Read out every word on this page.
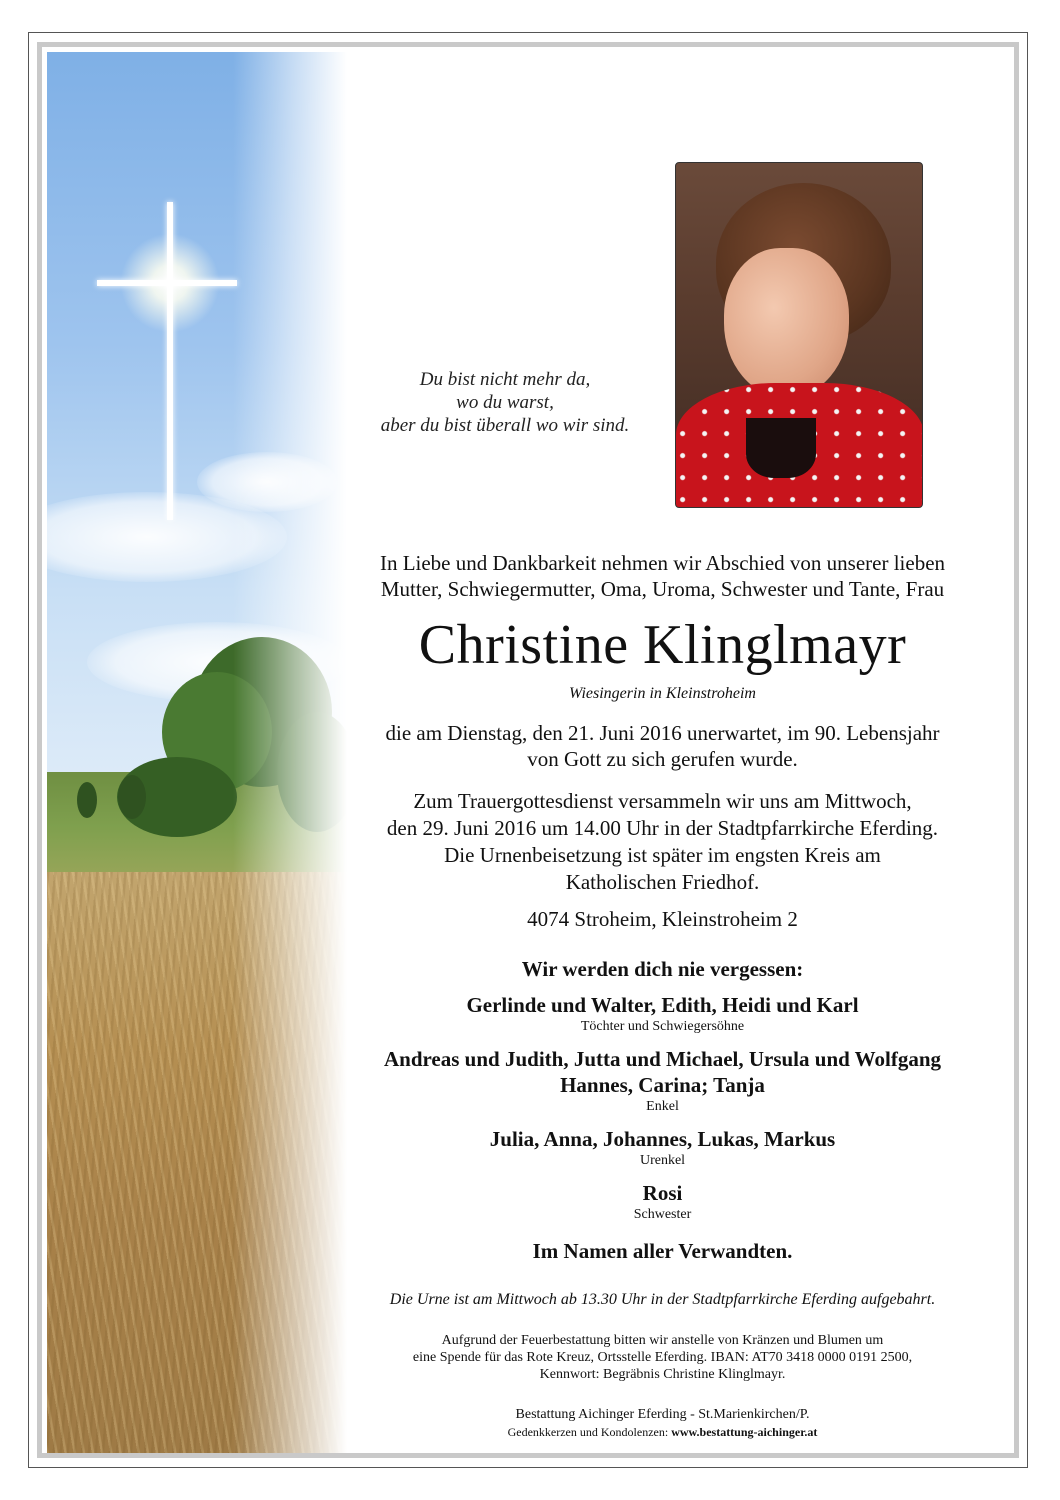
Du bist nicht mehr da,
wo du warst,
aber du bist überall wo wir sind.
In Liebe und Dankbarkeit nehmen wir Abschied von unserer lieben
Mutter, Schwiegermutter, Oma, Uroma, Schwester und Tante, Frau
Christine Klinglmayr
Wiesingerin in Kleinstroheim
die am Dienstag, den 21. Juni 2016 unerwartet, im 90. Lebensjahr
von Gott zu sich gerufen wurde.
Zum Trauergottesdienst versammeln wir uns am Mittwoch,
den 29. Juni 2016 um 14.00 Uhr in der Stadtpfarrkirche Eferding.
Die Urnenbeisetzung ist später im engsten Kreis am
Katholischen Friedhof.
4074 Stroheim, Kleinstroheim 2
Wir werden dich nie vergessen:
Gerlinde und Walter, Edith, Heidi und Karl
Töchter und Schwiegersöhne
Andreas und Judith, Jutta und Michael, Ursula und Wolfgang
Hannes, Carina; Tanja
Enkel
Julia, Anna, Johannes, Lukas, Markus
Urenkel
Rosi
Schwester
Im Namen aller Verwandten.
Die Urne ist am Mittwoch ab 13.30 Uhr in der Stadtpfarrkirche Eferding aufgebahrt.
Aufgrund der Feuerbestattung bitten wir anstelle von Kränzen und Blumen um
eine Spende für das Rote Kreuz, Ortsstelle Eferding. IBAN: AT70 3418 0000 0191 2500,
Kennwort: Begräbnis Christine Klinglmayr.
Bestattung Aichinger Eferding - St.Marienkirchen/P.
Gedenkkerzen und Kondolenzen: www.bestattung-aichinger.at
